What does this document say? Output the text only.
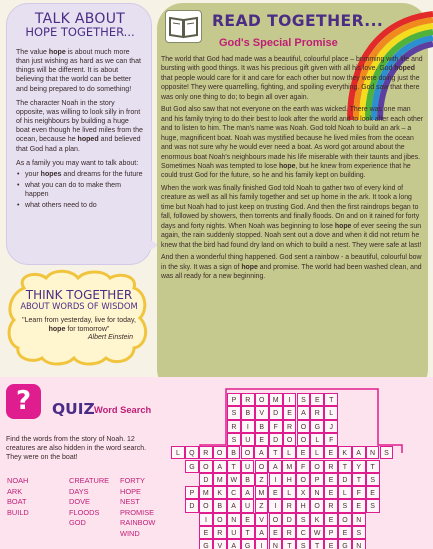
TALK ABOUT
HOPE TOGETHER...

The value hope is about much more than just wishing as hard as we can that things will be different. It is about believing that the world can be better and being prepared to do something!

The character Noah in the story opposite, was willing to look silly in front of his neighbours by building a huge boat even though he lived miles from the ocean, because he hoped and believed that God had a plan.

As a family you may want to talk about:

• your hopes and dreams for the future
• what you can do to make them happen
• what others need to do
THINK TOGETHER
ABOUT WORDS OF WISDOM
"Learn from yesterday, live for today,
hope for tomorrow"
Albert Einstein
READ TOGETHER...
God's Special Promise

The world that God had made was a beautiful, colourful place – brimming with life and bursting with good things. It was his precious gift given with all his love. God hoped that people would care for it and care for each other but now they were doing just the opposite! They were quarrelling, fighting, and spoiling everything. God saw that there was only one thing to do; to begin all over again.

But God also saw that not everyone on the earth was wicked. There was one man and his family trying to do their best to look after the world and to look after each other and to listen to him. The man's name was Noah. God told Noah to build an ark – a huge, magnificent boat. Noah was mystified because he lived miles from the ocean and was not sure why he would ever need a boat. As word got around about the enormous boat Noah's neighbours made his life miserable with their taunts and jibes. Sometimes Noah was tempted to lose hope, but he knew from experience that he could trust God for the future, so he and his family kept on building.

When the work was finally finished God told Noah to gather two of every kind of creature as well as all his family together and set up home in the ark. It took a long time but Noah had to just keep on trusting God. And then the first raindrops began to fall, followed by showers, then torrents and finally floods. On and on it rained for forty days and forty nights. When Noah was beginning to lose hope of ever seeing the sun again, the rain suddenly stopped. Noah sent out a dove and when it did not return he knew that the bird had found dry land on which to build a nest. They were safe at last!

And then a wonderful thing happened. God sent a rainbow - a beautiful, colourful bow in the sky. It was a sign of hope and promise. The world had been washed clean, and was all ready for a new beginning.

?	QUIZ Word Search
Find the words from the story of Noah. 12 creatures are also hidden in the word search. They were on the boat!
NOAH
ARK
BOAT
BUILD
CREATURE
DAYS
DOVE
FLOODS
GOD
FORTY
HOPE
NEST
PROMISE
RAINBOW
WIND
P	R	O	M	I	S	E	T
S	B	V	D	E	A	R	L
R	I	B	F	R	O	G	J
S	U	E	D	O	O	L	F
L	Q	R	O	B	O	A	T	L	E	L	E	K	A	N	S
G	O	A	T	U	O	A	M	F	O	R	T	Y	T
D	M	W	B	Z	I	H	O	P	E	D	T	S
P	M	K	C	A	M	E	L	X	N	E	L	F	E
D	O	B	A	U	Z	I	R	H	O	R	S	E	S
I	O	N	E	V	O	D	S	K	E	O	N
E	R	U	T	A	E	R	C	W	P	E	S
G	V	A	G	I	N	T	S	T	E	G	N
